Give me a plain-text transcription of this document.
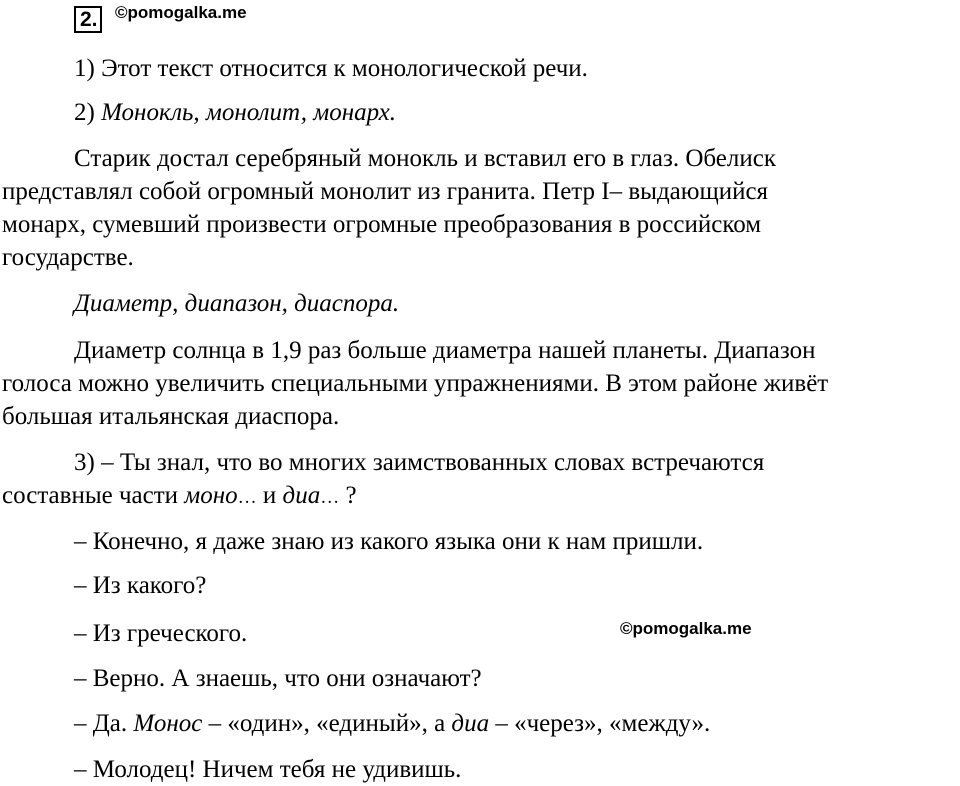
2. ©pomogalka.me
1) Этот текст относится к монологической речи.
2) Монокль, монолит, монарх.
Старик достал серебряный монокль и вставил его в глаз. Обелиск
представлял собой огромный монолит из гранита. Петр I– выдающийся
монарх, сумевший произвести огромные преобразования в российском
государстве.
Диаметр, диапазон, диаспора.
Диаметр солнца в 1,9 раз больше диаметра нашей планеты. Диапазон
голоса можно увеличить специальными упражнениями. В этом районе живёт
большая итальянская диаспора.
3) – Ты знал, что во многих заимствованных словах встречаются
составные части моно… и диа… ?
– Конечно, я даже знаю из какого языка они к нам пришли.
– Из какого?
– Из греческого.	©pomogalka.me
– Верно. А знаешь, что они означают?
– Да. Монос – «один», «единый», а диа – «через», «между».
– Молодец! Ничем тебя не удивишь.
